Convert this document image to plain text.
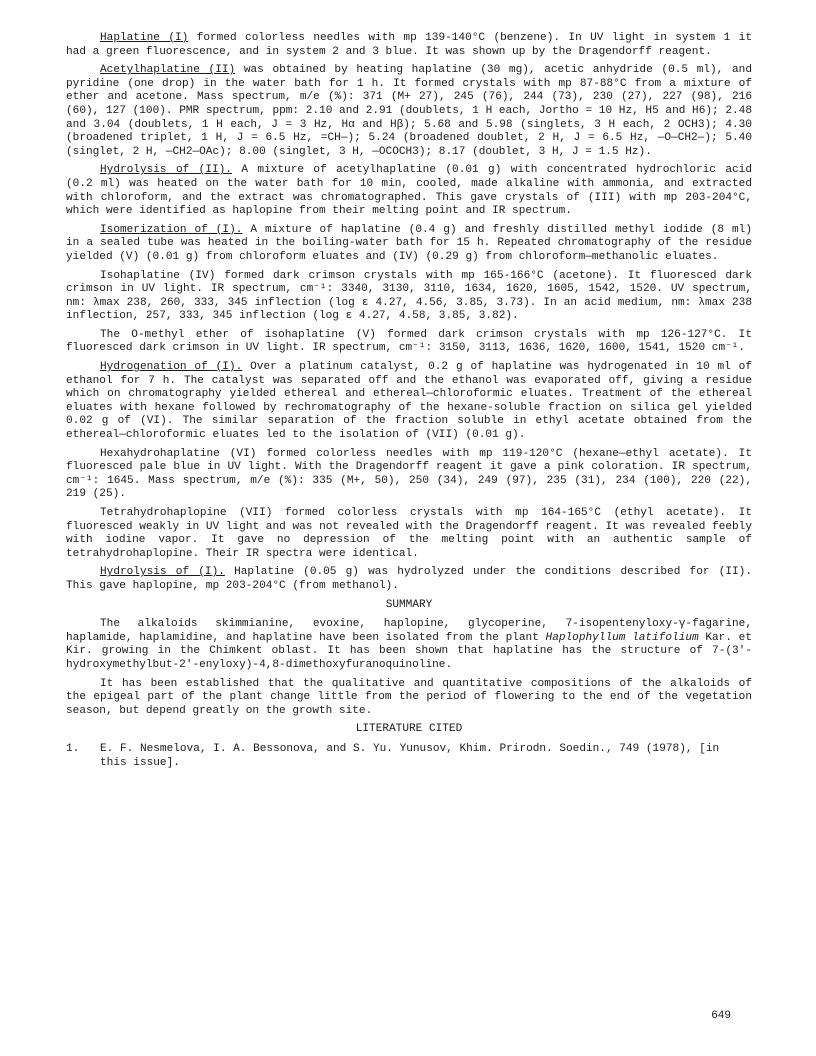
Haplatine (I) formed colorless needles with mp 139-140°C (benzene). In UV light in system 1 it had a green fluorescence, and in system 2 and 3 blue. It was shown up by the Dragendorff reagent.

Acetylhaplatine (II) was obtained by heating haplatine (30 mg), acetic anhydride (0.5 ml), and pyridine (one drop) in the water bath for 1 h. It formed crystals with mp 87-88°C from a mixture of ether and acetone. Mass spectrum, m/e (%): 371 (M+ 27), 245 (76), 244 (73), 230 (27), 227 (98), 216 (60), 127 (100). PMR spectrum, ppm: 2.10 and 2.91 (doublets, 1 H each, Jortho = 10 Hz, H5 and H6); 2.48 and 3.04 (doublets, 1 H each, J = 3 Hz, Hα and Hβ); 5.68 and 5.98 (singlets, 3 H each, 2 OCH3); 4.30 (broadened triplet, 1 H, J = 6.5 Hz, =CH—); 5.24 (broadened doublet, 2 H, J = 6.5 Hz, —O—CH2—); 5.40 (singlet, 2 H, —CH2—OAc); 8.00 (singlet, 3 H, —OCOCH3); 8.17 (doublet, 3 H, J = 1.5 Hz).

Hydrolysis of (II). A mixture of acetylhaplatine (0.01 g) with concentrated hydrochloric acid (0.2 ml) was heated on the water bath for 10 min, cooled, made alkaline with ammonia, and extracted with chloroform, and the extract was chromatographed. This gave crystals of (III) with mp 203-204°C, which were identified as haplopine from their melting point and IR spectrum.

Isomerization of (I). A mixture of haplatine (0.4 g) and freshly distilled methyl iodide (8 ml) in a sealed tube was heated in the boiling-water bath for 15 h. Repeated chromatography of the residue yielded (V) (0.01 g) from chloroform eluates and (IV) (0.29 g) from chloroform—methanolic eluates.

Isohaplatine (IV) formed dark crimson crystals with mp 165-166°C (acetone). It fluoresced dark crimson in UV light. IR spectrum, cm⁻¹: 3340, 3130, 3110, 1634, 1620, 1605, 1542, 1520. UV spectrum, nm: λmax 238, 260, 333, 345 inflection (log ε 4.27, 4.56, 3.85, 3.73). In an acid medium, nm: λmax 238 inflection, 257, 333, 345 inflection (log ε 4.27, 4.58, 3.85, 3.82).

The O-methyl ether of isohaplatine (V) formed dark crimson crystals with mp 126-127°C. It fluoresced dark crimson in UV light. IR spectrum, cm⁻¹: 3150, 3113, 1636, 1620, 1600, 1541, 1520 cm⁻¹.

Hydrogenation of (I). Over a platinum catalyst, 0.2 g of haplatine was hydrogenated in 10 ml of ethanol for 7 h. The catalyst was separated off and the ethanol was evaporated off, giving a residue which on chromatography yielded ethereal and ethereal—chloroformic eluates. Treatment of the ethereal eluates with hexane followed by rechromatography of the hexane-soluble fraction on silica gel yielded 0.02 g of (VI). The similar separation of the fraction soluble in ethyl acetate obtained from the ethereal—chloroformic eluates led to the isolation of (VII) (0.01 g).

Hexahydrohaplatine (VI) formed colorless needles with mp 119-120°C (hexane—ethyl acetate). It fluoresced pale blue in UV light. With the Dragendorff reagent it gave a pink coloration. IR spectrum, cm⁻¹: 1645. Mass spectrum, m/e (%): 335 (M+, 50), 250 (34), 249 (97), 235 (31), 234 (100), 220 (22), 219 (25).

Tetrahydrohaplopine (VII) formed colorless crystals with mp 164-165°C (ethyl acetate). It fluoresced weakly in UV light and was not revealed with the Dragendorff reagent. It was revealed feebly with iodine vapor. It gave no depression of the melting point with an authentic sample of tetrahydrohaplopine. Their IR spectra were identical.

Hydrolysis of (I). Haplatine (0.05 g) was hydrolyzed under the conditions described for (II). This gave haplopine, mp 203-204°C (from methanol).

SUMMARY

The alkaloids skimmianine, evoxine, haplopine, glycoperine, 7-isopentenyloxy-γ-fagarine, haplamide, haplamidine, and haplatine have been isolated from the plant Haplophyllum latifolium Kar. et Kir. growing in the Chimkent oblast. It has been shown that haplatine has the structure of 7-(3'-hydroxymethylbut-2'-enyloxy)-4,8-dimethoxyfuranoquinoline.

It has been established that the qualitative and quantitative compositions of the alkaloids of the epigeal part of the plant change little from the period of flowering to the end of the vegetation season, but depend greatly on the growth site.

LITERATURE CITED
1.	E. F. Nesmelova, I. A. Bessonova, and S. Yu. Yunusov, Khim. Prirodn. Soedin., 749 (1978), [in this issue].
649
